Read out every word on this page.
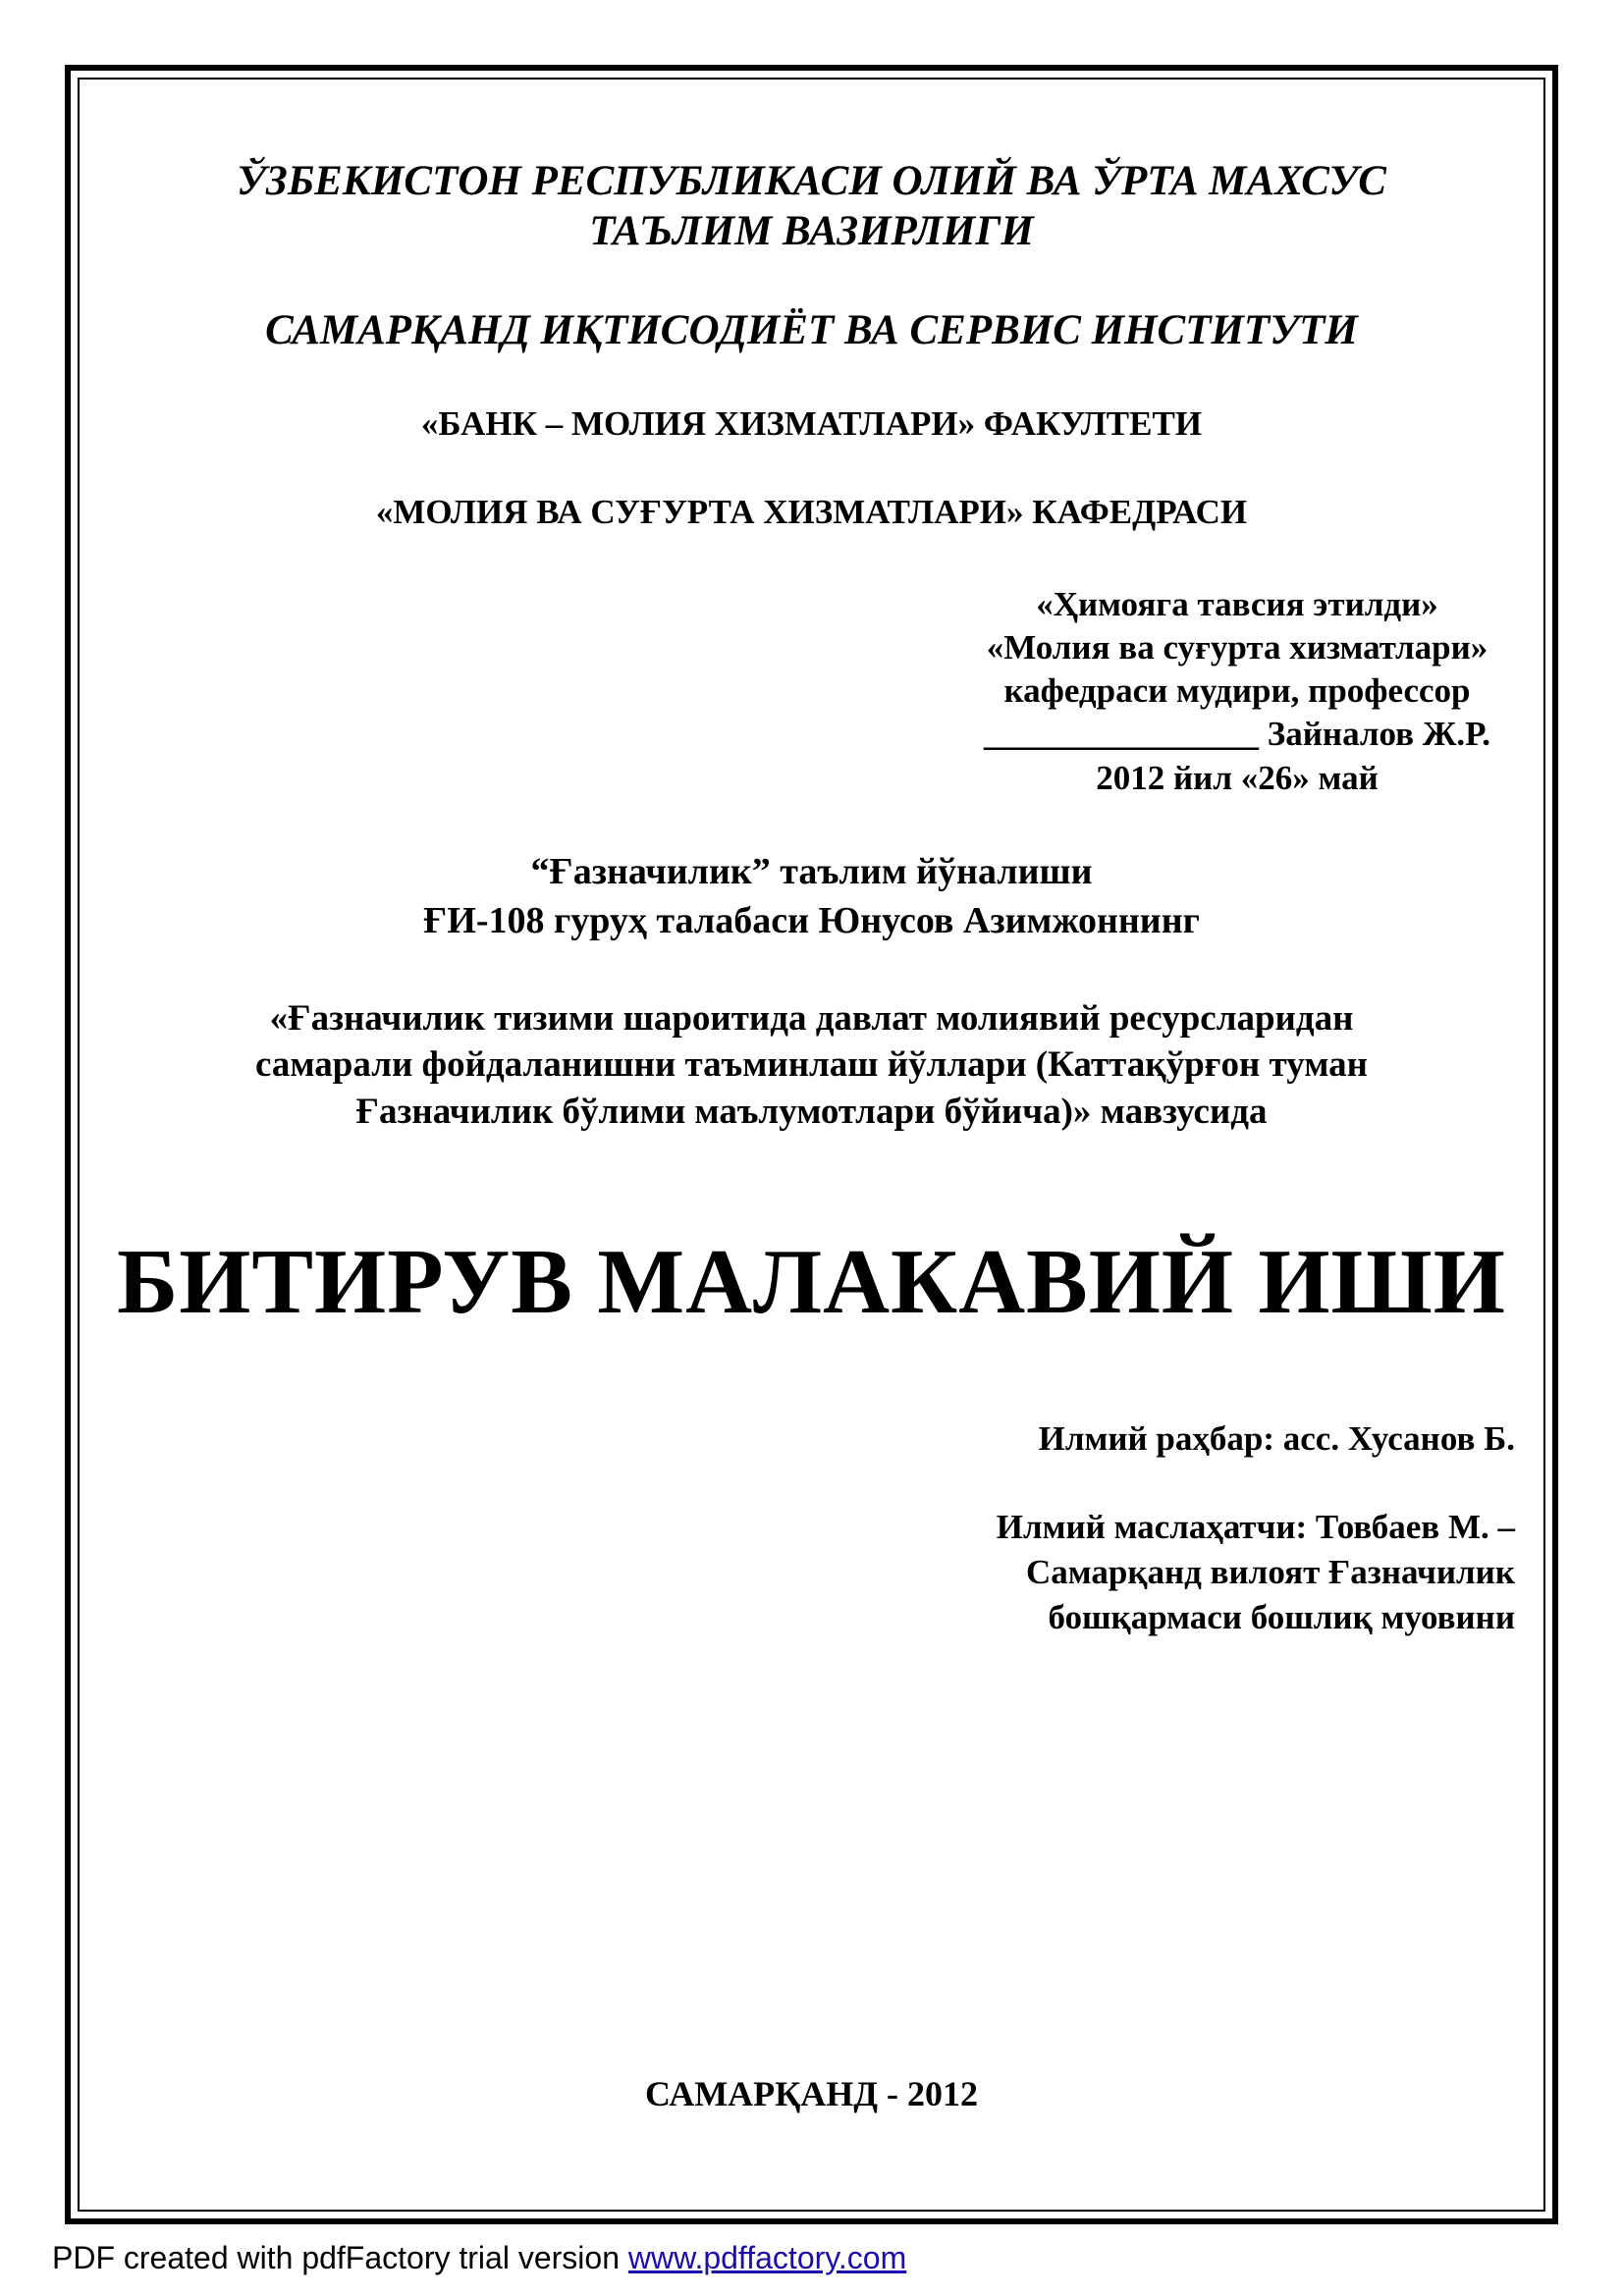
ЎЗБЕКИСТОН РЕСПУБЛИКАСИ ОЛИЙ ВА ЎРТА МАХСУС
ТАЪЛИМ ВАЗИРЛИГИ
САМАРҚАНД ИҚТИСОДИЁТ ВА СЕРВИС ИНСТИТУТИ
«БАНК – МОЛИЯ ХИЗМАТЛАРИ» ФАКУЛТЕТИ
«МОЛИЯ ВА СУҒУРТА ХИЗМАТЛАРИ» КАФЕДРАСИ
«Ҳимояга тавсия этилди»
«Молия ва суғурта хизматлари»
кафедраси мудири, профессор
________________ Зайналов Ж.Р.
2012 йил «26» май
“Ғазначилик” таълим йўналиши
ҒИ-108 гуруҳ талабаси Юнусов Азимжоннинг
«Ғазначилик тизими шароитида давлат молиявий ресурсларидан
самарали фойдаланишни таъминлаш йўллари (Каттақўрғон туман
Ғазначилик бўлими маълумотлари бўйича)» мавзусида
БИТИРУВ МАЛАКАВИЙ ИШИ
Илмий раҳбар: асс. Хусанов Б.
Илмий маслаҳатчи: Товбаев М. –
Самарқанд вилоят Ғазначилик
бошқармаси бошлиқ муовини
САМАРҚАНД - 2012
PDF created with pdfFactory trial version www.pdffactory.com
